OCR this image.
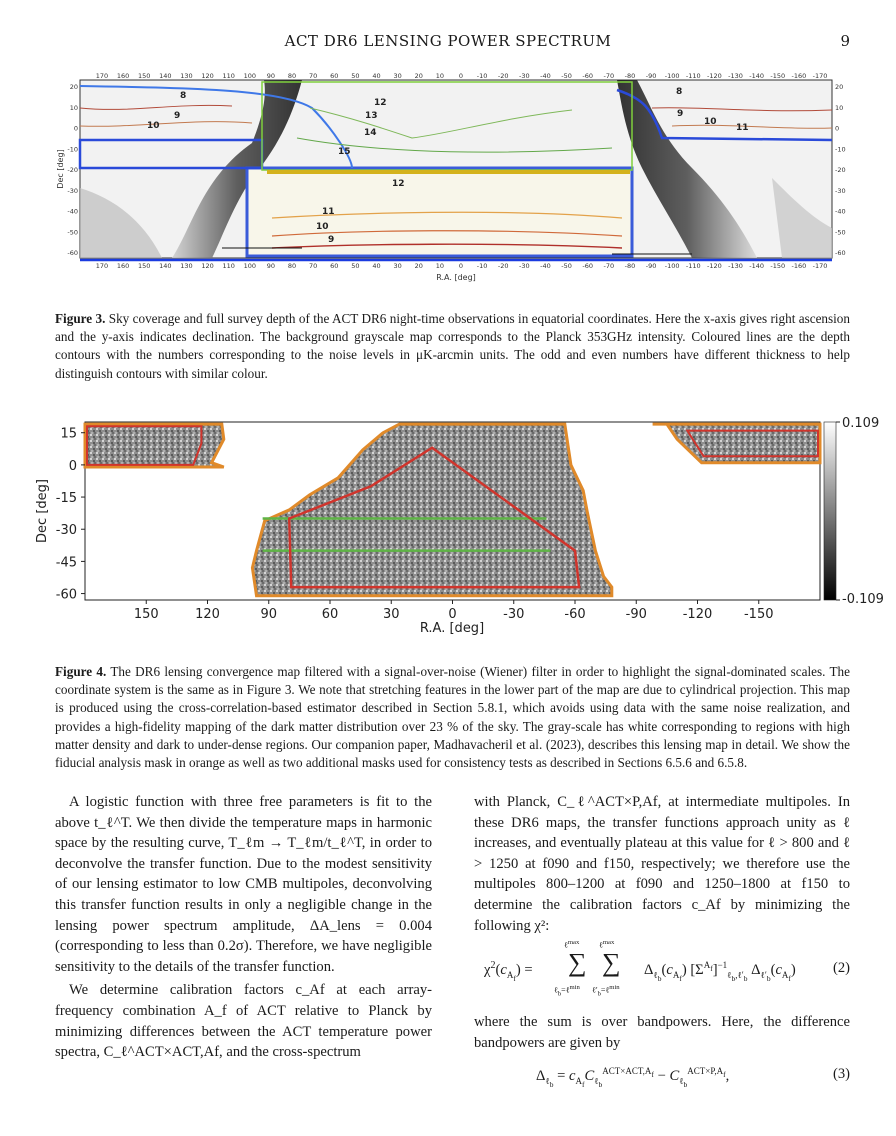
ACT DR6 LENSING POWER SPECTRUM	9
170 160 150 140 130 120 110 100 90 80 70 60 50 40 30 20 10 0 -10 -20 -30 -40 -50 -60 -70 -80 -90 -100 -110 -120 -130 -140 -150 -160 -170
170 160 150 140 130 120 110 100 90 80 70 60 50 40 30 20 10 0 -10 -20 -30 -40 -50 -60 -70 -80 -90 -100 -110 -120 -130 -140 -150 -160 -170
20
10
0
-10
-20
-30
-40
-50
-60
20
10
0
-10
-20
-30
-40
-50
-60
8
9
10
12
13
14
15
12
11
10
9
8
9
10
11
R.A. [deg]
Dec [deg]
Figure 3. Sky coverage and full survey depth of the ACT DR6 night-time observations in equatorial coordinates. Here the x-axis gives right ascension and the y-axis indicates declination. The background grayscale map corresponds to the Planck 353GHz intensity. Coloured lines are the depth contours with the numbers corresponding to the noise levels in μK-arcmin units. The odd and even numbers have different thickness to help distinguish contours with similar colour.
150	120	90	60	30	0	-30	-60	-90	-120 -150
15
0
-15
-30
-45
-60
R.A. [deg]
Dec [deg]
0.109
-0.109
Figure 4. The DR6 lensing convergence map filtered with a signal-over-noise (Wiener) filter in order to highlight the signal-dominated scales. The coordinate system is the same as in Figure 3. We note that stretching features in the lower part of the map are due to cylindrical projection. This map is produced using the cross-correlation-based estimator described in Section 5.8.1, which avoids using data with the same noise realization, and provides a high-fidelity mapping of the dark matter distribution over 23 % of the sky. The gray-scale has white corresponding to regions with high matter density and dark to under-dense regions. Our companion paper, Madhavacheril et al. (2023), describes this lensing map in detail. We show the fiducial analysis mask in orange as well as two additional masks used for consistency tests as described in Sections 6.5.6 and 6.5.8.

A logistic function with three free parameters is fit to the above t_ℓ^T. We then divide the temperature maps in harmonic space by the resulting curve, T_ℓm → T_ℓm/t_ℓ^T, in order to deconvolve the transfer function. Due to the modest sensitivity of our lensing estimator to low CMB multipoles, deconvolving this transfer function results in only a negligible change in the lensing power spectrum amplitude, ΔA_lens = 0.004 (corresponding to less than 0.2σ). Therefore, we have negligible sensitivity to the details of the transfer function.

We determine calibration factors c_Af at each array-frequency combination A_f of ACT relative to Planck by minimizing differences between the ACT temperature power spectra, C_ℓ^ACT×ACT,Af, and the cross-spectrum

with Planck, C_ℓ^ACT×P,Af, at intermediate multipoles. In these DR6 maps, the transfer functions approach unity as ℓ increases, and eventually plateau at this value for ℓ > 800 and ℓ > 1250 at f090 and f150, respectively; we therefore use the multipoles 800–1200 at f090 and 1250–1800 at f150 to determine the calibration factors c_Af by minimizing the following χ²:

$\chi^2(c_{A_f})$ = ∑ ∑
ℓ$^{max}$ ℓ$^{max}$
ℓ$_b$=ℓ$^{min}$ $\ell'_b=\ell^{min}$
$\Delta_{\ell_b}(c_{A_f})$ $[\Sigma^{A_f}]^{-1}_{\ell_b,\ell'_b}$ $\Delta_{\ell'_b}(c_{A_f})$	(2)

where the sum is over bandpowers. Here, the difference bandpowers are given by

$\Delta_{\ell_b} = c_{A_f}C_{\ell_b}^{ACT\times ACT,A_f} - C_{\ell_b}^{ACT\times P,A_f}$,	(3)
